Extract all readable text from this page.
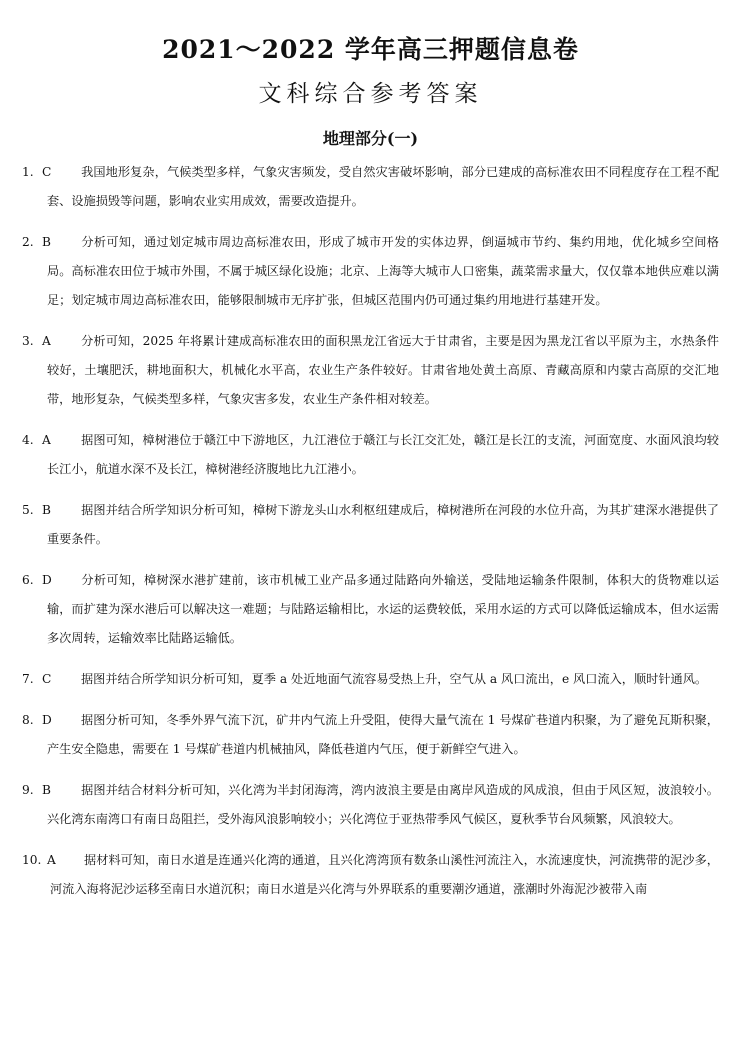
2021～2022 学年高三押题信息卷
文科综合参考答案
地理部分(一)
1. C	我国地形复杂，气候类型多样，气象灾害频发，受自然灾害破坏影响，部分已建成的高标准农田不同程度存在工程不配套、设施损毁等问题，影响农业实用成效，需要改造提升。
2. B	分析可知，通过划定城市周边高标准农田，形成了城市开发的实体边界，倒逼城市节约、集约用地，优化城乡空间格局。高标准农田位于城市外围，不属于城区绿化设施；北京、上海等大城市人口密集，蔬菜需求量大，仅仅靠本地供应难以满足；划定城市周边高标准农田，能够限制城市无序扩张，但城区范围内仍可通过集约用地进行基建开发。
3. A	分析可知，2025 年将累计建成高标准农田的面积黑龙江省远大于甘肃省，主要是因为黑龙江省以平原为主，水热条件较好，土壤肥沃，耕地面积大，机械化水平高，农业生产条件较好。甘肃省地处黄土高原、青藏高原和内蒙古高原的交汇地带，地形复杂，气候类型多样，气象灾害多发，农业生产条件相对较差。
4. A	据图可知，樟树港位于赣江中下游地区，九江港位于赣江与长江交汇处，赣江是长江的支流，河面宽度、水面风浪均较长江小，航道水深不及长江，樟树港经济腹地比九江港小。
5. B	据图并结合所学知识分析可知，樟树下游龙头山水利枢纽建成后，樟树港所在河段的水位升高，为其扩建深水港提供了重要条件。
6. D	分析可知，樟树深水港扩建前，该市机械工业产品多通过陆路向外输送，受陆地运输条件限制，体积大的货物难以运输，而扩建为深水港后可以解决这一难题；与陆路运输相比，水运的运费较低，采用水运的方式可以降低运输成本，但水运需多次周转，运输效率比陆路运输低。
7. C	据图并结合所学知识分析可知，夏季 a 处近地面气流容易受热上升，空气从 a 风口流出，e 风口流入，顺时针通风。
8. D	据图分析可知，冬季外界气流下沉，矿井内气流上升受阻，使得大量气流在 1 号煤矿巷道内积聚，为了避免瓦斯积聚，产生安全隐患，需要在 1 号煤矿巷道内机械抽风，降低巷道内气压，便于新鲜空气进入。
9. B	据图并结合材料分析可知，兴化湾为半封闭海湾，湾内波浪主要是由离岸风造成的风成浪，但由于风区短，波浪较小。兴化湾东南湾口有南日岛阻拦，受外海风浪影响较小；兴化湾位于亚热带季风气候区，夏秋季节台风频繁，风浪较大。
10. A	据材料可知，南日水道是连通兴化湾的通道，且兴化湾湾顶有数条山溪性河流注入，水流速度快，河流携带的泥沙多，河流入海将泥沙运移至南日水道沉积；南日水道是兴化湾与外界联系的重要潮汐通道，涨潮时外海泥沙被带入南
